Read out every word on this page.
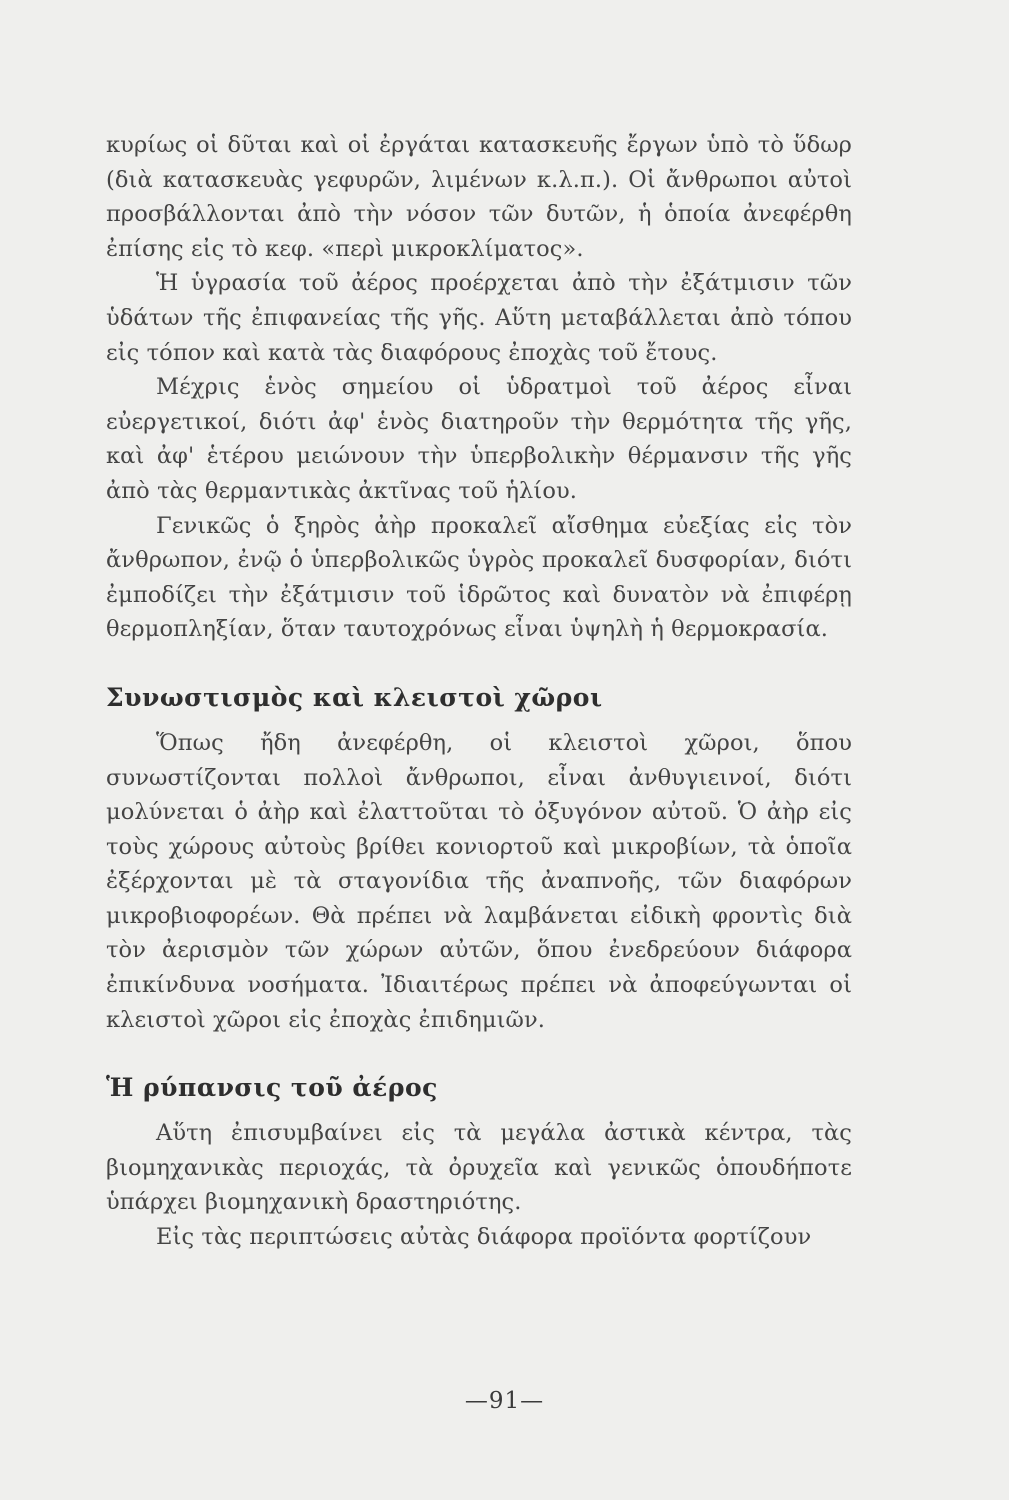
κυρίως οἱ δῦται καὶ οἱ ἐργάται κατασκευῆς ἔργων ὑπὸ τὸ ὕδωρ (διὰ κατασκευὰς γεφυρῶν, λιμένων κ.λ.π.). Οἱ ἄνθρωποι αὐτοὶ προσβάλλονται ἀπὸ τὴν νόσον τῶν δυτῶν, ἡ ὁποία ἀνεφέρθη ἐπίσης εἰς τὸ κεφ. «περὶ μικροκλίματος».

Ἡ ὑγρασία τοῦ ἀέρος προέρχεται ἀπὸ τὴν ἐξάτμισιν τῶν ὑδάτων τῆς ἐπιφανείας τῆς γῆς. Αὕτη μεταβάλλεται ἀπὸ τόπου εἰς τόπον καὶ κατὰ τὰς διαφόρους ἐποχὰς τοῦ ἔτους.

Μέχρις ἑνὸς σημείου οἱ ὑδρατμοὶ τοῦ ἀέρος εἶναι εὐεργετικοί, διότι ἀφ' ἑνὸς διατηροῦν τὴν θερμότητα τῆς γῆς, καὶ ἀφ' ἑτέρου μειώνουν τὴν ὑπερβολικὴν θέρμανσιν τῆς γῆς ἀπὸ τὰς θερμαντικὰς ἀκτῖνας τοῦ ἡλίου.

Γενικῶς ὁ ξηρὸς ἀὴρ προκαλεῖ αἴσθημα εὐεξίας εἰς τὸν ἄνθρωπον, ἐνῷ ὁ ὑπερβολικῶς ὑγρὸς προκαλεῖ δυσφορίαν, διότι ἐμποδίζει τὴν ἐξάτμισιν τοῦ ἱδρῶτος καὶ δυνατὸν νὰ ἐπιφέρῃ θερμοπληξίαν, ὅταν ταυτοχρόνως εἶναι ὑψηλὴ ἡ θερμοκρασία.

Συνωστισμὸς καὶ κλειστοὶ χῶροι

Ὅπως ἤδη ἀνεφέρθη, οἱ κλειστοὶ χῶροι, ὅπου συνωστίζονται πολλοὶ ἄνθρωποι, εἶναι ἀνθυγιεινοί, διότι μολύνεται ὁ ἀὴρ καὶ ἐλαττοῦται τὸ ὀξυγόνον αὐτοῦ. Ὁ ἀὴρ εἰς τοὺς χώρους αὐτοὺς βρίθει κονιορτοῦ καὶ μικροβίων, τὰ ὁποῖα ἐξέρχονται μὲ τὰ σταγονίδια τῆς ἀναπνοῆς, τῶν διαφόρων μικροβιοφορέων. Θὰ πρέπει νὰ λαμβάνεται εἰδικὴ φροντὶς διὰ τὸν ἀερισμὸν τῶν χώρων αὐτῶν, ὅπου ἐνεδρεύουν διάφορα ἐπικίνδυνα νοσήματα. Ἰδιαιτέρως πρέπει νὰ ἀποφεύγωνται οἱ κλειστοὶ χῶροι εἰς ἐποχὰς ἐπιδημιῶν.

Ἡ ρύπανσις τοῦ ἀέρος

Αὕτη ἐπισυμβαίνει εἰς τὰ μεγάλα ἀστικὰ κέντρα, τὰς βιομηχανικὰς περιοχάς, τὰ ὀρυχεῖα καὶ γενικῶς ὁπουδήποτε ὑπάρχει βιομηχανικὴ δραστηριότης.

Εἰς τὰς περιπτώσεις αὐτὰς διάφορα προϊόντα φορτίζουν

—91—
